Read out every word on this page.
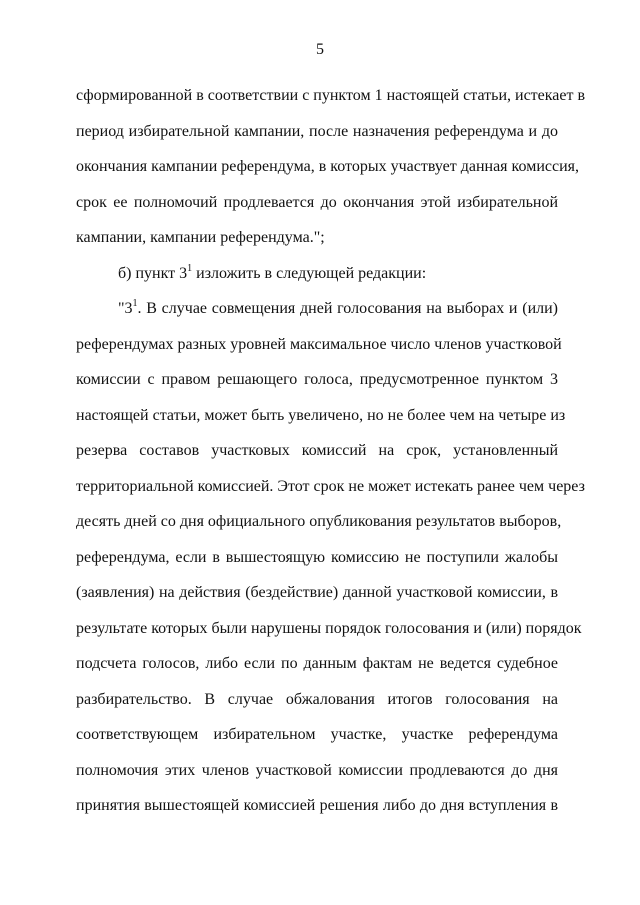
5
сформированной в соответствии с пунктом 1 настоящей статьи, истекает в
период избирательной кампании, после назначения референдума и до
окончания кампании референдума, в которых участвует данная комиссия,
срок ее полномочий продлевается до окончания этой избирательной
кампании, кампании референдума.";
б) пункт $3^1$ изложить в следующей редакции:
"$3^1$. В случае совмещения дней голосования на выборах и (или)
референдумах разных уровней максимальное число членов участковой
комиссии с правом решающего голоса, предусмотренное пунктом 3
настоящей статьи, может быть увеличено, но не более чем на четыре из
резерва составов участковых комиссий на срок, установленный
территориальной комиссией. Этот срок не может истекать ранее чем через
десять дней со дня официального опубликования результатов выборов,
референдума, если в вышестоящую комиссию не поступили жалобы
(заявления) на действия (бездействие) данной участковой комиссии, в
результате которых были нарушены порядок голосования и (или) порядок
подсчета голосов, либо если по данным фактам не ведется судебное
разбирательство. В случае обжалования итогов голосования на
соответствующем избирательном участке, участке референдума
полномочия этих членов участковой комиссии продлеваются до дня
принятия вышестоящей комиссией решения либо до дня вступления в
